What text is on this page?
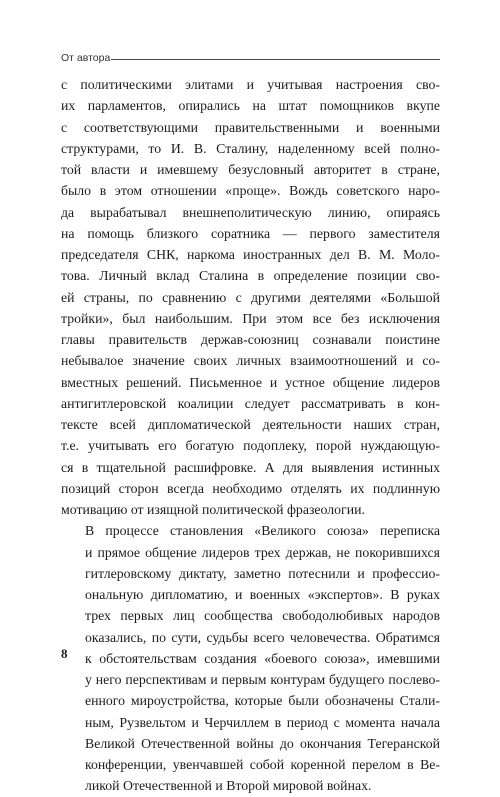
От автора
с политическими элитами и учитывая настроения сво-
их парламентов, опирались на штат помощников вкупе
с соответствующими правительственными и военными
структурами, то И. В. Сталину, наделенному всей полно-
той власти и имевшему безусловный авторитет в стране,
было в этом отношении «проще». Вождь советского наро-
да вырабатывал внешнеполитическую линию, опираясь
на помощь близкого соратника — первого заместителя
председателя СНК, наркома иностранных дел В. М. Моло-
това. Личный вклад Сталина в определение позиции сво-
ей страны, по сравнению с другими деятелями «Большой
тройки», был наибольшим. При этом все без исключения
главы правительств держав-союзниц сознавали поистине
небывалое значение своих личных взаимоотношений и со-
вместных решений. Письменное и устное общение лидеров
антигитлеровской коалиции следует рассматривать в кон-
тексте всей дипломатической деятельности наших стран,
т.е. учитывать его богатую подоплеку, порой нуждающую-
ся в тщательной расшифровке. А для выявления истинных
позиций сторон всегда необходимо отделять их подлинную
мотивацию от изящной политической фразеологии.
В процессе становления «Великого союза» переписка
и прямое общение лидеров трех держав, не покорившихся
гитлеровскому диктату, заметно потеснили и профессио-
ональную дипломатию, и военных «экспертов». В руках
трех первых лиц сообщества свободолюбивых народов
оказались, по сути, судьбы всего человечества. Обратимся
к обстоятельствам создания «боевого союза», имевшими
у него перспективам и первым контурам будущего послево-
енного мироустройства, которые были обозначены Стали-
ным, Рузвельтом и Черчиллем в период с момента начала
Великой Отечественной войны до окончания Тегеранской
конференции, увенчавшей собой коренной перелом в Ве-
ликой Отечественной и Второй мировой войнах.
8
